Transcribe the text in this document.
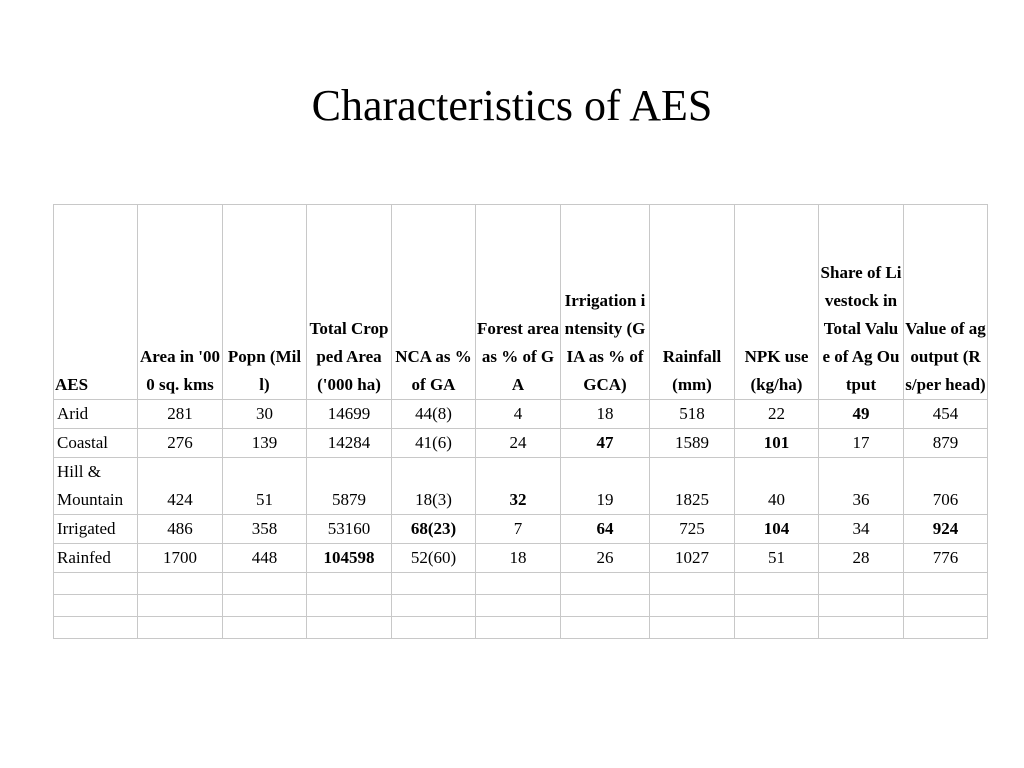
Characteristics of AES
AES	Area in '000 sq. kms	Popn (Mill)	Total Cropped Area ('000 ha)	NCA as % of GA	Forest area as % of GA	Irrigation intensity (GIA as % of GCA)	Rainfall (mm)	NPK use (kg/ha)	Share of Livestock in Total Value of Ag Output	Value of ag output (Rs/per head)
Arid	281	30	14699	44(8)	4	18	518	22	49	454
Coastal	276	139	14284	41(6)	24	47	1589	101	17	879

Hill & Mountain	424	51	5879	18(3)	32	19	1825	40	36	706
Irrigated	486	358	53160	68(23)	7	64	725	104	34	924
Rainfed	1700	448	104598	52(60)	18	26	1027	51	28	776
